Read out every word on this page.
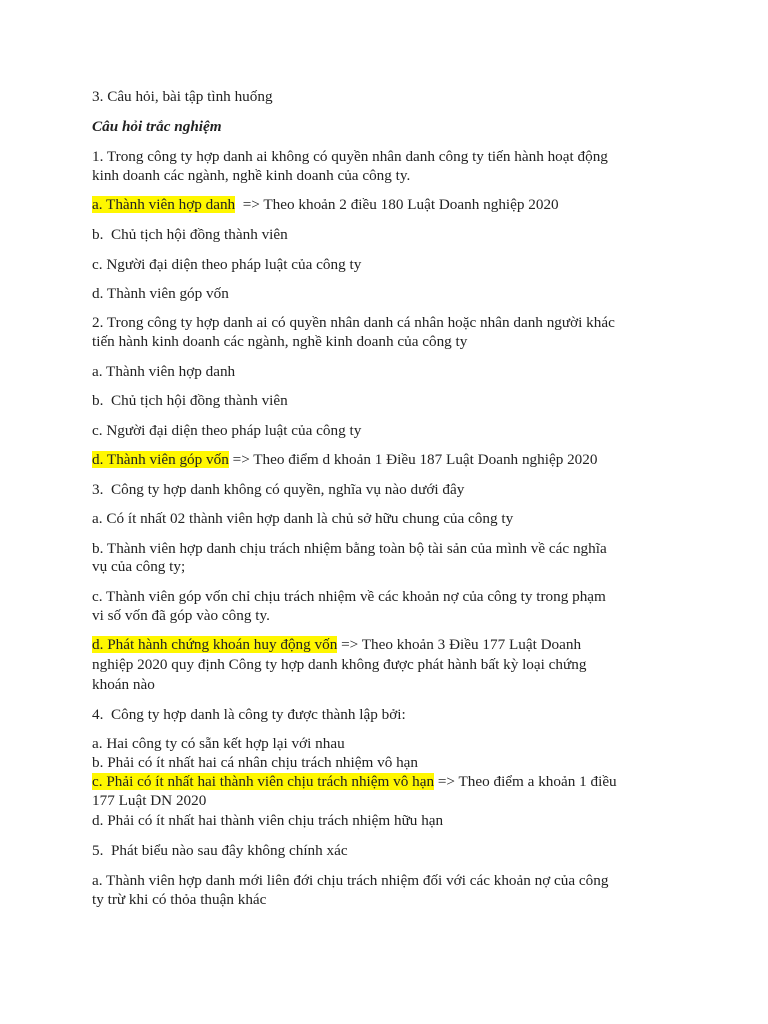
3. Câu hỏi, bài tập tình huống
Câu hỏi trắc nghiệm
1. Trong công ty hợp danh ai không có quyền nhân danh công ty tiến hành hoạt động
kinh doanh các ngành, nghề kinh doanh của công ty.
a. Thành viên hợp danh  => Theo khoản 2 điều 180 Luật Doanh nghiệp 2020
b.  Chủ tịch hội đồng thành viên
c. Người đại diện theo pháp luật của công ty
d. Thành viên góp vốn
2. Trong công ty hợp danh ai có quyền nhân danh cá nhân hoặc nhân danh người khác
tiến hành kinh doanh các ngành, nghề kinh doanh của công ty
a. Thành viên hợp danh
b.  Chủ tịch hội đồng thành viên
c. Người đại diện theo pháp luật của công ty
d. Thành viên góp vốn => Theo điểm d khoản 1 Điều 187 Luật Doanh nghiệp 2020
3.  Công ty hợp danh không có quyền, nghĩa vụ nào dưới đây
a. Có ít nhất 02 thành viên hợp danh là chủ sở hữu chung của công ty
b. Thành viên hợp danh chịu trách nhiệm bằng toàn bộ tài sản của mình về các nghĩa
vụ của công ty;
c. Thành viên góp vốn chỉ chịu trách nhiệm về các khoản nợ của công ty trong phạm
vi số vốn đã góp vào công ty.
d. Phát hành chứng khoán huy động vốn => Theo khoản 3 Điều 177 Luật Doanh
nghiệp 2020 quy định Công ty hợp danh không được phát hành bất kỳ loại chứng
khoán nào
4.  Công ty hợp danh là công ty được thành lập bởi:
a. Hai công ty có sẵn kết hợp lại với nhau
b. Phải có ít nhất hai cá nhân chịu trách nhiệm vô hạn
c. Phải có ít nhất hai thành viên chịu trách nhiệm vô hạn => Theo điểm a khoản 1 điều
177 Luật DN 2020
d. Phải có ít nhất hai thành viên chịu trách nhiệm hữu hạn
5.  Phát biểu nào sau đây không chính xác
a. Thành viên hợp danh mới liên đới chịu trách nhiệm đối với các khoản nợ của công
ty trừ khi có thỏa thuận khác
